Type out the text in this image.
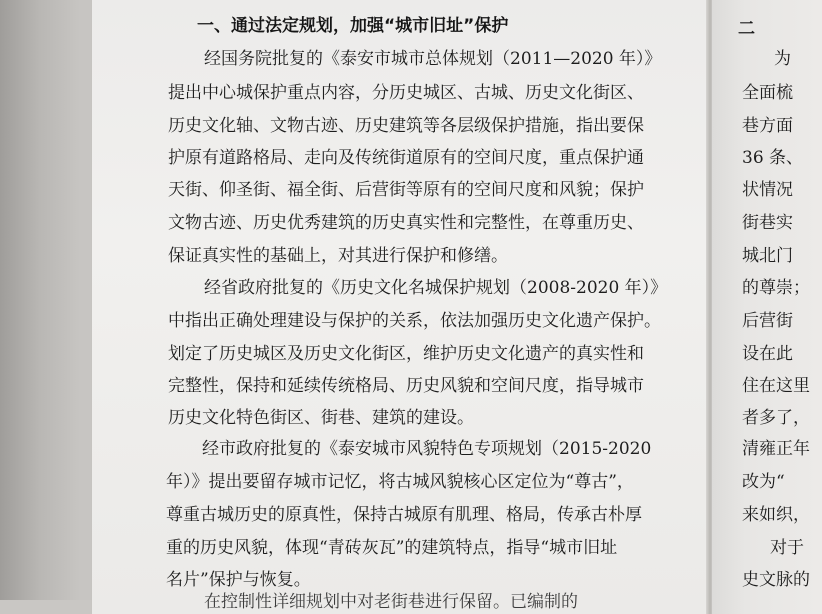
一、通过法定规划，加强“城市旧址”保护
经国务院批复的《泰安市城市总体规划（2011—2020 年）》
提出中心城保护重点内容，分历史城区、古城、历史文化街区、
历史文化轴、文物古迹、历史建筑等各层级保护措施，指出要保
护原有道路格局、走向及传统街道原有的空间尺度，重点保护通
天街、仰圣街、福全街、后营街等原有的空间尺度和风貌；保护
文物古迹、历史优秀建筑的历史真实性和完整性，在尊重历史、
保证真实性的基础上，对其进行保护和修缮。
经省政府批复的《历史文化名城保护规划（2008-2020 年）》
中指出正确处理建设与保护的关系，依法加强历史文化遗产保护。
划定了历史城区及历史文化街区，维护历史文化遗产的真实性和
完整性，保持和延续传统格局、历史风貌和空间尺度，指导城市
历史文化特色街区、街巷、建筑的建设。
经市政府批复的《泰安城市风貌特色专项规划（2015-2020
年）》提出要留存城市记忆，将古城风貌核心区定位为“尊古”，
尊重古城历史的原真性，保持古城原有肌理、格局，传承古朴厚
重的历史风貌，体现“青砖灰瓦”的建筑特点，指导“城市旧址
名片”保护与恢复。
在控制性详细规划中对老街巷进行保留。已编制的
二
为
全面梳
巷方面
36 条、
状情况
街巷实
城北门
的尊崇；
后营街
设在此
住在这里
者多了，
清雍正年
改为“
来如织，
对于
史文脉的
